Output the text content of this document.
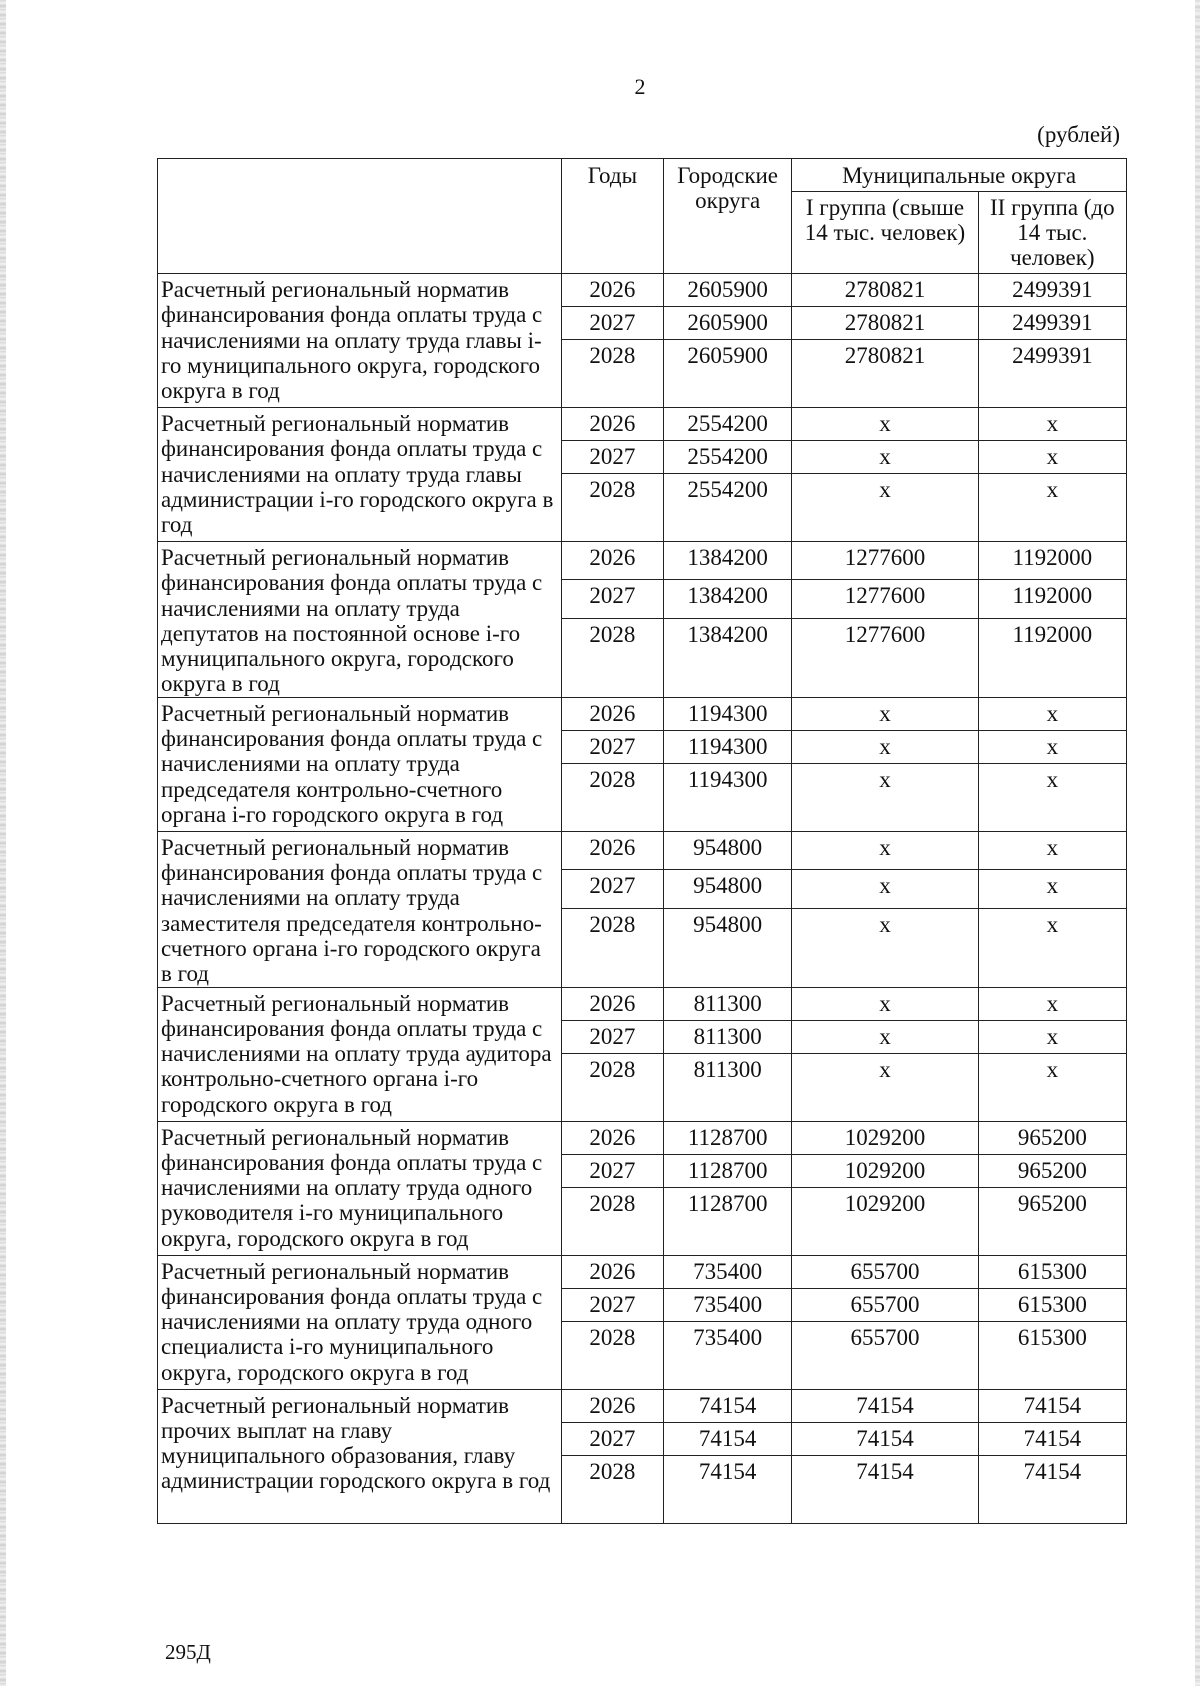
2
(рублей)
	Годы	Городские округа	Муниципальные округа	
			I группа (свыше 14 тыс. человек)	II группа (до 14 тыс. человек)
Расчетный региональный норматив финансирования фонда оплаты труда с начислениями на оплату труда главы i-го муниципального округа, городского округа в год	2026	2605900	2780821	2499391
	2027	2605900	2780821	2499391
	2028	2605900	2780821	2499391
Расчетный региональный норматив финансирования фонда оплаты труда с начислениями на оплату труда главы администрации i-го городского округа в год	2026	2554200	x	x
	2027	2554200	x	x
	2028	2554200	x	x
Расчетный региональный норматив финансирования фонда оплаты труда с начислениями на оплату труда депутатов на постоянной основе i-го муниципального округа, городского округа в год	2026	1384200	1277600	1192000
	2027	1384200	1277600	1192000
	2028	1384200	1277600	1192000
Расчетный региональный норматив финансирования фонда оплаты труда с начислениями на оплату труда председателя контрольно-счетного органа i-го городского округа в год	2026	1194300	x	x
	2027	1194300	x	x
	2028	1194300	x	x
Расчетный региональный норматив финансирования фонда оплаты труда с начислениями на оплату труда заместителя председателя контрольно-счетного органа i-го городского округа в год	2026	954800	x	x
	2027	954800	x	x
	2028	954800	x	x
Расчетный региональный норматив финансирования фонда оплаты труда с начислениями на оплату труда аудитора контрольно-счетного органа i-го городского округа в год	2026	811300	x	x
	2027	811300	x	x
	2028	811300	x	x
Расчетный региональный норматив финансирования фонда оплаты труда с начислениями на оплату труда одного руководителя i-го муниципального округа, городского округа в год	2026	1128700	1029200	965200
	2027	1128700	1029200	965200
	2028	1128700	1029200	965200
Расчетный региональный норматив финансирования фонда оплаты труда с начислениями на оплату труда одного специалиста i-го муниципального округа, городского округа в год	2026	735400	655700	615300
	2027	735400	655700	615300
	2028	735400	655700	615300
Расчетный региональный норматив прочих выплат на главу муниципального образования, главу администрации городского округа в год	2026	74154	74154	74154
	2027	74154	74154	74154
	2028	74154	74154	74154
295Д
